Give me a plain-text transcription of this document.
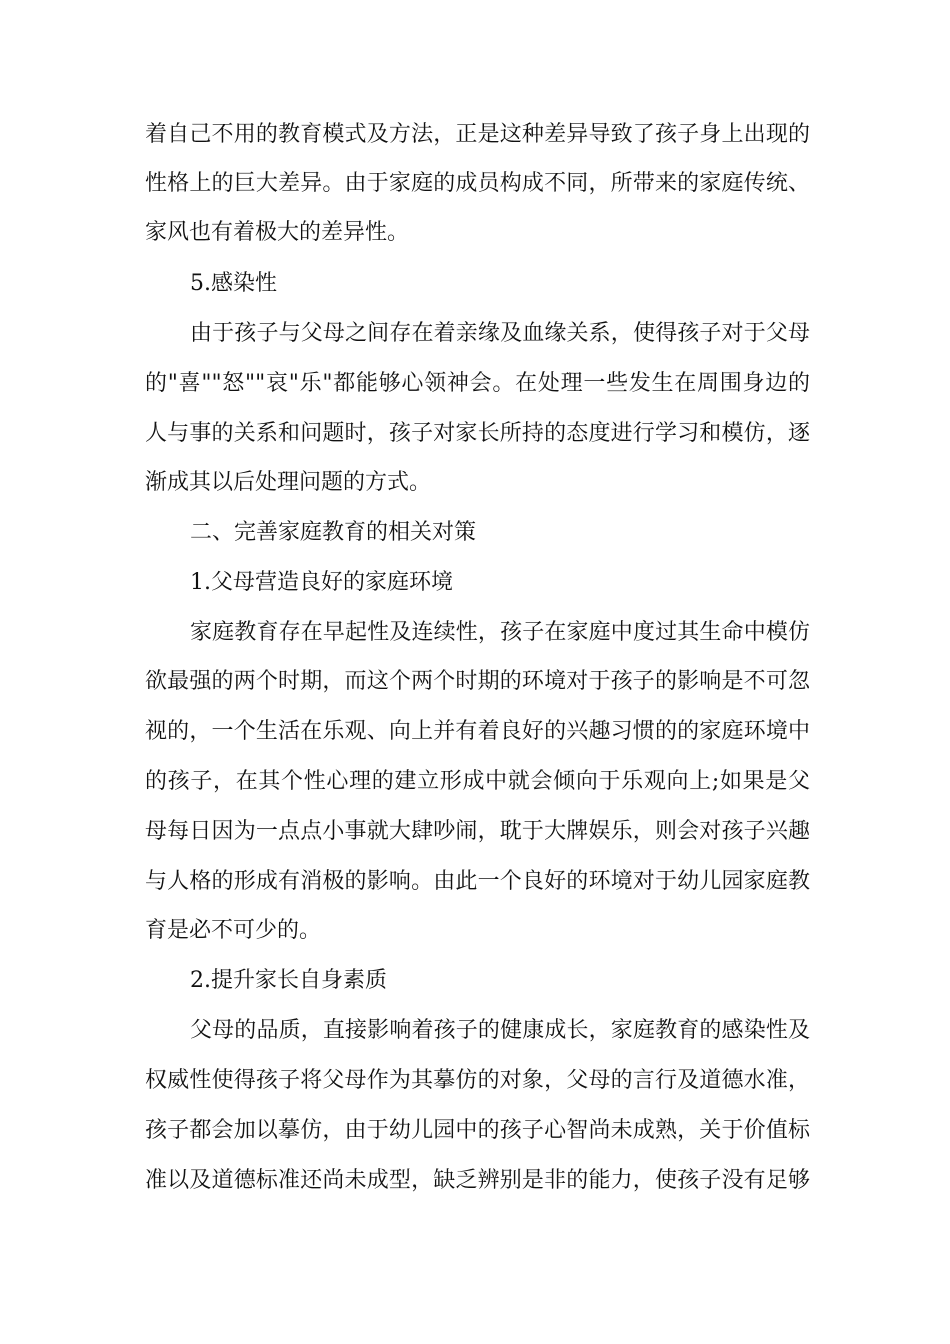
着自己不用的教育模式及方法，正是这种差异导致了孩子身上出现的
性格上的巨大差异。由于家庭的成员构成不同，所带来的家庭传统、
家风也有着极大的差异性。
5.感染性
由于孩子与父母之间存在着亲缘及血缘关系，使得孩子对于父母
的"喜""怒""哀"乐"都能够心领神会。在处理一些发生在周围身边的
人与事的关系和问题时，孩子对家长所持的态度进行学习和模仿，逐
渐成其以后处理问题的方式。
二、完善家庭教育的相关对策
1.父母营造良好的家庭环境
家庭教育存在早起性及连续性，孩子在家庭中度过其生命中模仿
欲最强的两个时期，而这个两个时期的环境对于孩子的影响是不可忽
视的，一个生活在乐观、向上并有着良好的兴趣习惯的的家庭环境中
的孩子，在其个性心理的建立形成中就会倾向于乐观向上;如果是父
母每日因为一点点小事就大肆吵闹，耽于大牌娱乐，则会对孩子兴趣
与人格的形成有消极的影响。由此一个良好的环境对于幼儿园家庭教
育是必不可少的。
2.提升家长自身素质
父母的品质，直接影响着孩子的健康成长，家庭教育的感染性及
权威性使得孩子将父母作为其摹仿的对象，父母的言行及道德水准，
孩子都会加以摹仿，由于幼儿园中的孩子心智尚未成熟，关于价值标
准以及道德标准还尚未成型，缺乏辨别是非的能力，使孩子没有足够
